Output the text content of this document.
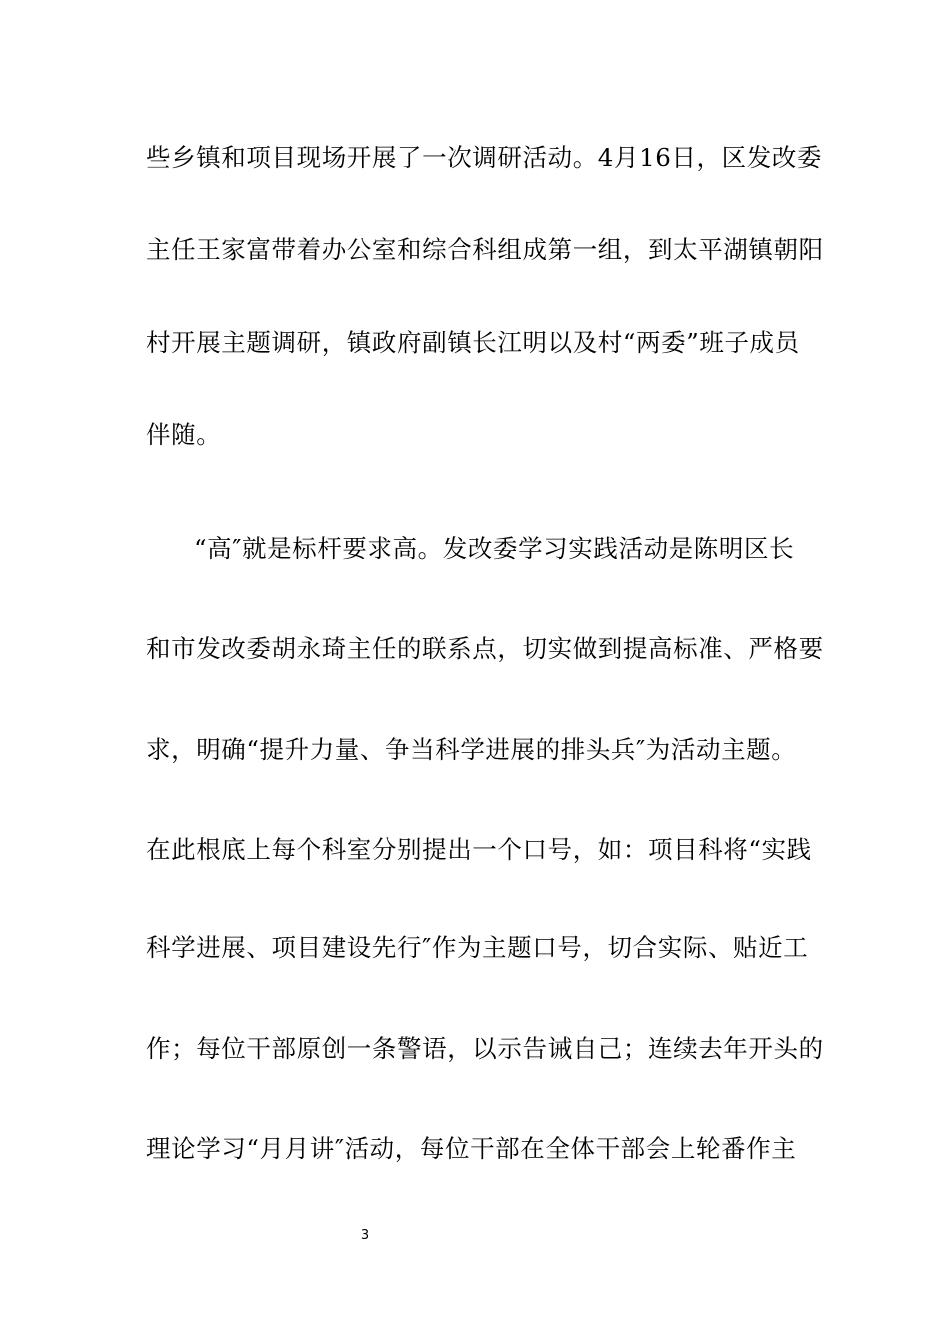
些乡镇和项目现场开展了一次调研活动。4月16日，区发改委
主任王家富带着办公室和综合科组成第一组，到太平湖镇朝阳
村开展主题调研，镇政府副镇长江明以及村“两委”班子成员
伴随。
“高″就是标杆要求高。发改委学习实践活动是陈明区长
和市发改委胡永琦主任的联系点，切实做到提高标准、严格要
求，明确“提升力量、争当科学进展的排头兵″为活动主题。
在此根底上每个科室分别提出一个口号，如：项目科将“实践
科学进展、项目建设先行″作为主题口号，切合实际、贴近工
作；每位干部原创一条警语，以示告诫自己；连续去年开头的
理论学习“月月讲″活动，每位干部在全体干部会上轮番作主
3
